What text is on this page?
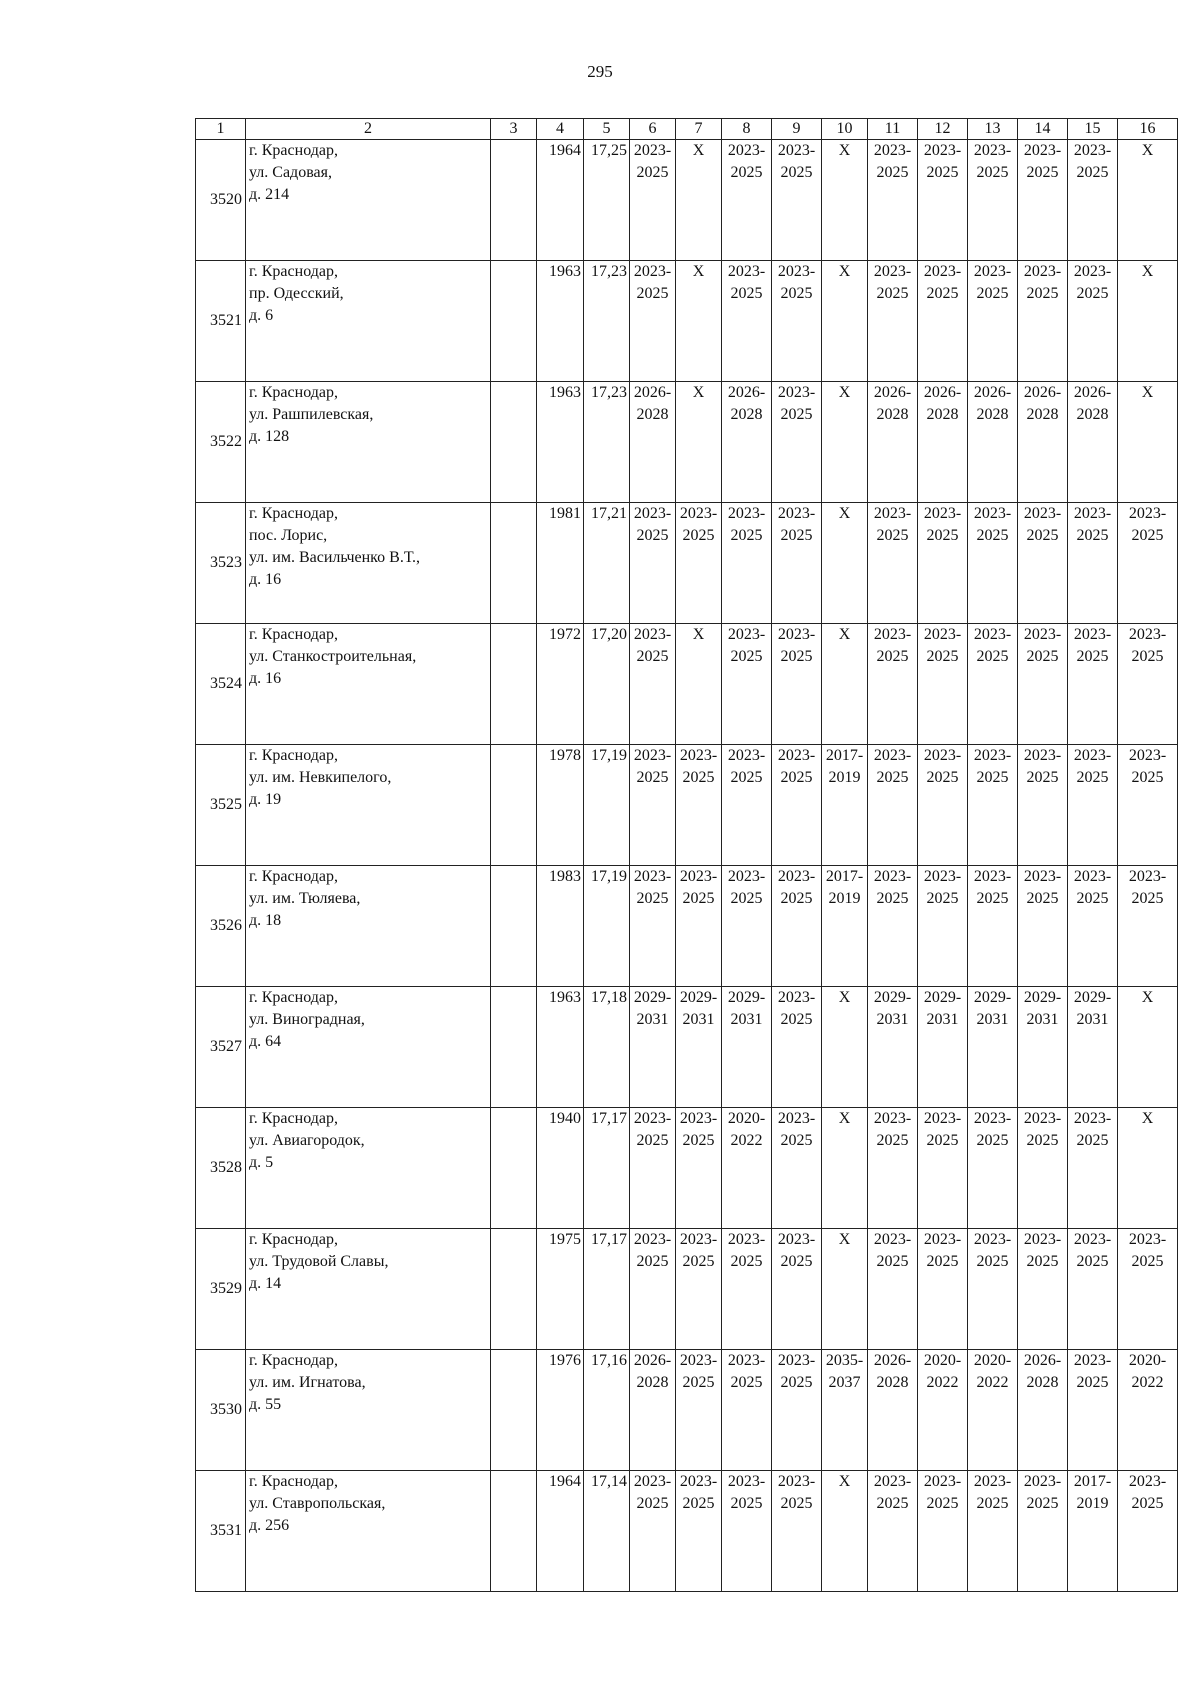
295
1	2	3	4	5	6	7	8	9	10	11	12	13	14	15	16
3520	г. Краснодар,
ул. Садовая,
д. 214		1964	17,25	2023-
2025	Х	2023-
2025	2023-
2025	Х	2023-
2025	2023-
2025	2023-
2025	2023-
2025	2023-
2025	Х
3521	г. Краснодар,
пр. Одесский,
д. 6		1963	17,23	2023-
2025	Х	2023-
2025	2023-
2025	Х	2023-
2025	2023-
2025	2023-
2025	2023-
2025	2023-
2025	Х
3522	г. Краснодар,
ул. Рашпилевская,
д. 128		1963	17,23	2026-
2028	Х	2026-
2028	2023-
2025	Х	2026-
2028	2026-
2028	2026-
2028	2026-
2028	2026-
2028	Х
3523	г. Краснодар,
пос. Лорис,
ул. им. Васильченко В.Т.,
д. 16		1981	17,21	2023-
2025	2023-
2025	2023-
2025	2023-
2025	Х	2023-
2025	2023-
2025	2023-
2025	2023-
2025	2023-
2025	2023-
2025
3524	г. Краснодар,
ул. Станкостроительная,
д. 16		1972	17,20	2023-
2025	Х	2023-
2025	2023-
2025	Х	2023-
2025	2023-
2025	2023-
2025	2023-
2025	2023-
2025	2023-
2025
3525	г. Краснодар,
ул. им. Невкипелого,
д. 19		1978	17,19	2023-
2025	2023-
2025	2023-
2025	2023-
2025	2017-
2019	2023-
2025	2023-
2025	2023-
2025	2023-
2025	2023-
2025	2023-
2025
3526	г. Краснодар,
ул. им. Тюляева,
д. 18		1983	17,19	2023-
2025	2023-
2025	2023-
2025	2023-
2025	2017-
2019	2023-
2025	2023-
2025	2023-
2025	2023-
2025	2023-
2025	2023-
2025
3527	г. Краснодар,
ул. Виноградная,
д. 64		1963	17,18	2029-
2031	2029-
2031	2029-
2031	2023-
2025	Х	2029-
2031	2029-
2031	2029-
2031	2029-
2031	2029-
2031	Х
3528	г. Краснодар,
ул. Авиагородок,
д. 5		1940	17,17	2023-
2025	2023-
2025	2020-
2022	2023-
2025	Х	2023-
2025	2023-
2025	2023-
2025	2023-
2025	2023-
2025	Х
3529	г. Краснодар,
ул. Трудовой Славы,
д. 14		1975	17,17	2023-
2025	2023-
2025	2023-
2025	2023-
2025	Х	2023-
2025	2023-
2025	2023-
2025	2023-
2025	2023-
2025	2023-
2025
3530	г. Краснодар,
ул. им. Игнатова,
д. 55		1976	17,16	2026-
2028	2023-
2025	2023-
2025	2023-
2025	2035-
2037	2026-
2028	2020-
2022	2020-
2022	2026-
2028	2023-
2025	2020-
2022
3531	г. Краснодар,
ул. Ставропольская,
д. 256		1964	17,14	2023-
2025	2023-
2025	2023-
2025	2023-
2025	Х	2023-
2025	2023-
2025	2023-
2025	2023-
2025	2017-
2019	2023-
2025
